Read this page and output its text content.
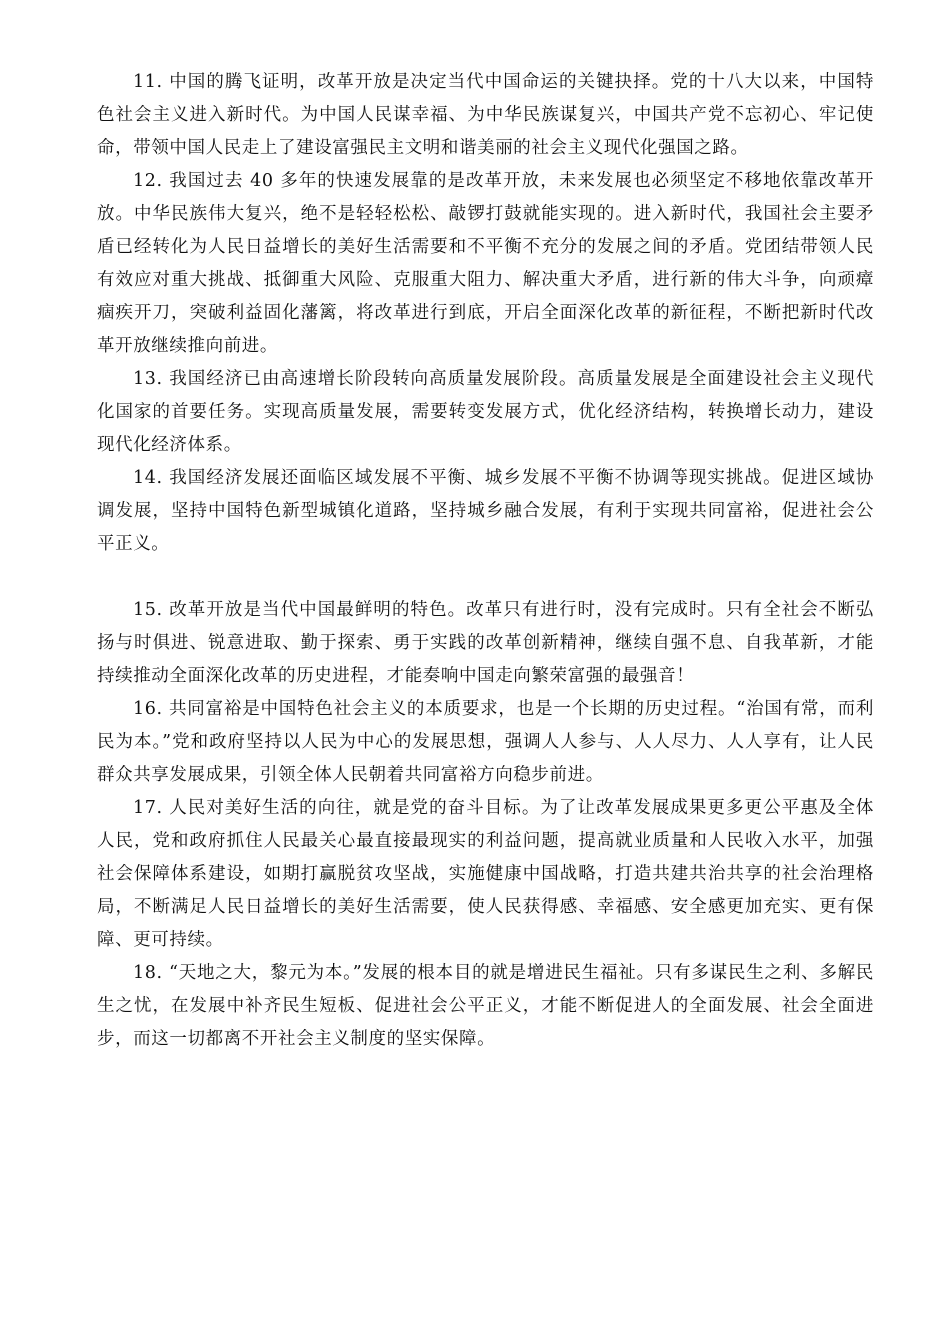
11. 中国的腾飞证明，改革开放是决定当代中国命运的关键抉择。党的十八大以来，中国特色社会主义进入新时代。为中国人民谋幸福、为中华民族谋复兴，中国共产党不忘初心、牢记使命，带领中国人民走上了建设富强民主文明和谐美丽的社会主义现代化强国之路。

12. 我国过去 40 多年的快速发展靠的是改革开放，未来发展也必须坚定不移地依靠改革开放。中华民族伟大复兴，绝不是轻轻松松、敲锣打鼓就能实现的。进入新时代，我国社会主要矛盾已经转化为人民日益增长的美好生活需要和不平衡不充分的发展之间的矛盾。党团结带领人民有效应对重大挑战、抵御重大风险、克服重大阻力、解决重大矛盾，进行新的伟大斗争，向顽瘴痼疾开刀，突破利益固化藩篱，将改革进行到底，开启全面深化改革的新征程，不断把新时代改革开放继续推向前进。

13. 我国经济已由高速增长阶段转向高质量发展阶段。高质量发展是全面建设社会主义现代化国家的首要任务。实现高质量发展，需要转变发展方式，优化经济结构，转换增长动力，建设现代化经济体系。

14. 我国经济发展还面临区域发展不平衡、城乡发展不平衡不协调等现实挑战。促进区域协调发展，坚持中国特色新型城镇化道路，坚持城乡融合发展，有利于实现共同富裕，促进社会公平正义。

15. 改革开放是当代中国最鲜明的特色。改革只有进行时，没有完成时。只有全社会不断弘扬与时俱进、锐意进取、勤于探索、勇于实践的改革创新精神，继续自强不息、自我革新，才能持续推动全面深化改革的历史进程，才能奏响中国走向繁荣富强的最强音！

16. 共同富裕是中国特色社会主义的本质要求，也是一个长期的历史过程。“治国有常，而利民为本。”党和政府坚持以人民为中心的发展思想，强调人人参与、人人尽力、人人享有，让人民群众共享发展成果，引领全体人民朝着共同富裕方向稳步前进。

17. 人民对美好生活的向往，就是党的奋斗目标。为了让改革发展成果更多更公平惠及全体人民，党和政府抓住人民最关心最直接最现实的利益问题，提高就业质量和人民收入水平，加强社会保障体系建设，如期打赢脱贫攻坚战，实施健康中国战略，打造共建共治共享的社会治理格局，不断满足人民日益增长的美好生活需要，使人民获得感、幸福感、安全感更加充实、更有保障、更可持续。

18. “天地之大，黎元为本。”发展的根本目的就是增进民生福祉。只有多谋民生之利、多解民生之忧，在发展中补齐民生短板、促进社会公平正义，才能不断促进人的全面发展、社会全面进步，而这一切都离不开社会主义制度的坚实保障。
